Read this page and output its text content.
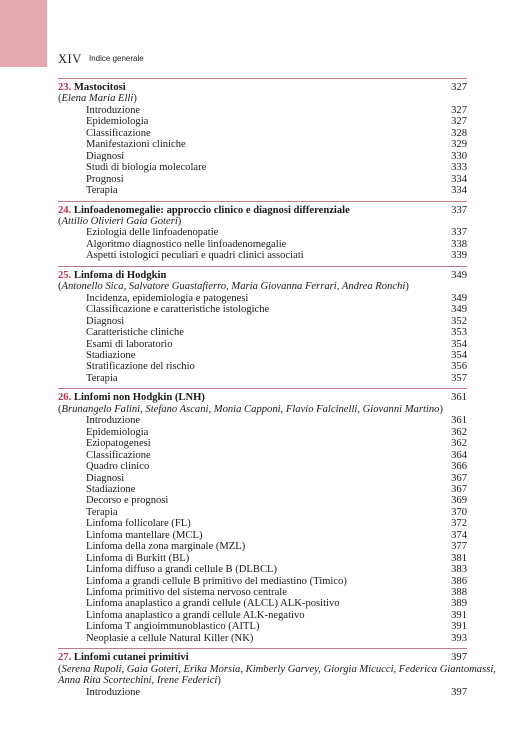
XIV Indice generale
23. Mastocitosi	327
(Elena Maria Elli)
Introduzione	327
Epidemiologia	327
Classificazione	328
Manifestazioni cliniche	329
Diagnosi	330
Studi di biologia molecolare	333
Prognosi	334
Terapia	334
24. Linfoadenomegalie: approccio clinico e diagnosi differenziale	337
(Attilio Olivieri Gaia Goteri)
Eziologia delle linfoadenopatie	337
Algoritmo diagnostico nelle linfoadenomegalie	338
Aspetti istologici peculiari e quadri clinici associati	339
25. Linfoma di Hodgkin	349
(Antonello Sica, Salvatore Guastafierro, Maria Giovanna Ferrari, Andrea Ronchi)
Incidenza, epidemiologia e patogenesi	349
Classificazione e caratteristiche istologiche	349
Diagnosi	352
Caratteristiche cliniche	353
Esami di laboratorio	354
Stadiazione	354
Stratificazione del rischio	356
Terapia	357
26. Linfomi non Hodgkin (LNH)	361
(Brunangelo Falini, Stefano Ascani, Monia Capponi, Flavio Falcinelli, Giovanni Martino)
Introduzione	361
Epidemiologia	362
Eziopatogenesi	362
Classificazione	364
Quadro clinico	366
Diagnosi	367
Stadiazione	367
Decorso e prognosi	369
Terapia	370
Linfoma follicolare (FL)	372
Linfoma mantellare (MCL)	374
Linfoma della zona marginale (MZL)	377
Linfoma di Burkitt (BL)	381
Linfoma diffuso a grandi cellule B (DLBCL)	383
Linfoma a grandi cellule B primitivo del mediastino (Timico)	386
Linfoma primitivo del sistema nervoso centrale	388
Linfoma anaplastico a grandi cellule (ALCL) ALK-positivo	389
Linfoma anaplastico a grandi cellule ALK-negativo	391
Linfoma T angioimmunoblastico (AITL)	391
Neoplasie a cellule Natural Killer (NK)	393
27. Linfomi cutanei primitivi	397
(Serena Rupoli, Gaia Goteri, Erika Morsia, Kimberly Garvey, Giorgia Micucci, Federica Giantomassi,
Anna Rita Scortechini, Irene Federici)
Introduzione	397
